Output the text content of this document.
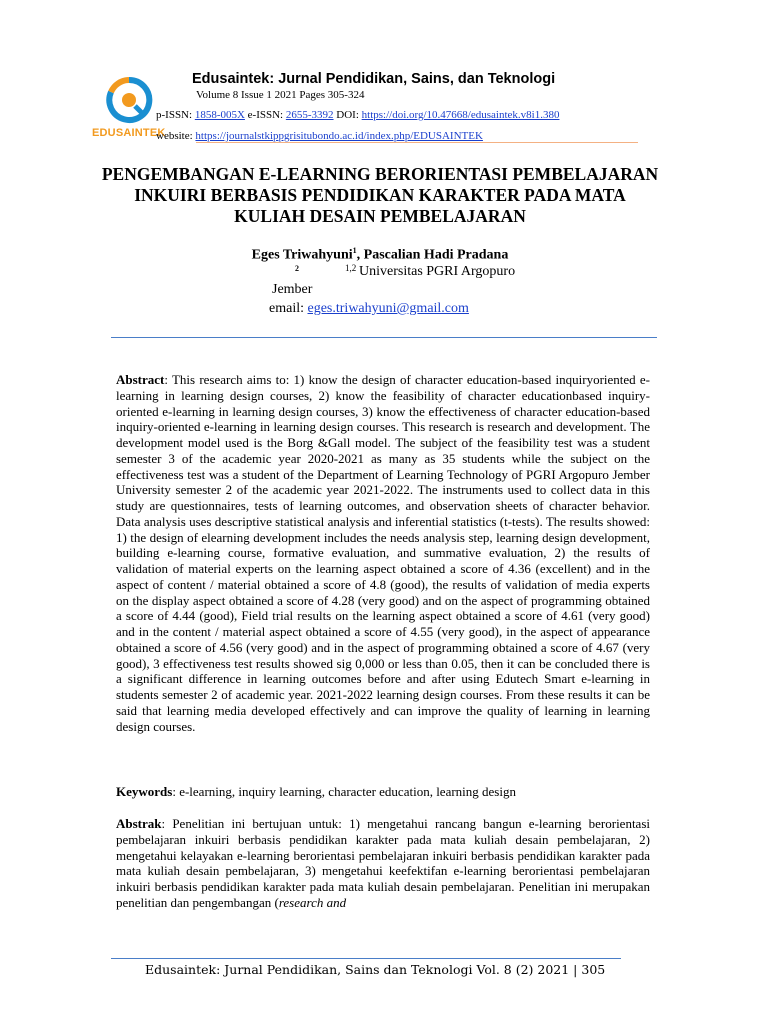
EDUSAINTEK
Edusaintek: Jurnal Pendidikan, Sains, dan Teknologi
Volume 8 Issue 1 2021 Pages 305-324
p-ISSN: 1858-005X e-ISSN: 2655-3392 DOI: https://doi.org/10.47668/edusaintek.v8i1.380
website: https://journalstkippgrisitubondo.ac.id/index.php/EDUSAINTEK
PENGEMBANGAN E-LEARNING BERORIENTASI PEMBELAJARAN INKUIRI BERBASIS PENDIDIKAN KARAKTER PADA MATA KULIAH DESAIN PEMBELAJARAN
Eges Triwahyuni$^1$, Pascalian Hadi Pradana
2	1,2 Universitas PGRI Argopuro
Jember
email: eges.triwahyuni@gmail.com
Abstract: This research aims to: 1) know the design of character education-based inquiryoriented e-learning in learning design courses, 2) know the feasibility of character educationbased inquiry-oriented e-learning in learning design courses, 3) know the effectiveness of character education-based inquiry-oriented e-learning in learning design courses. This research is research and development. The development model used is the Borg &Gall model. The subject of the feasibility test was a student semester 3 of the academic year 2020-2021 as many as 35 students while the subject on the effectiveness test was a student of the Department of Learning Technology of PGRI Argopuro Jember University semester 2 of the academic year 2021-2022. The instruments used to collect data in this study are questionnaires, tests of learning outcomes, and observation sheets of character behavior. Data analysis uses descriptive statistical analysis and inferential statistics (t-tests). The results showed: 1) the design of elearning development includes the needs analysis step, learning design development, building e-learning course, formative evaluation, and summative evaluation, 2) the results of validation of material experts on the learning aspect obtained a score of 4.36 (excellent) and in the aspect of content / material obtained a score of 4.8 (good), the results of validation of media experts on the display aspect obtained a score of 4.28 (very good) and on the aspect of programming obtained a score of 4.44 (good), Field trial results on the learning aspect obtained a score of 4.61 (very good) and in the content / material aspect obtained a score of 4.55 (very good), in the aspect of appearance obtained a score of 4.56 (very good) and in the aspect of programming obtained a score of 4.67 (very good), 3 effectiveness test results showed sig 0,000 or less than 0.05, then it can be concluded there is a significant difference in learning outcomes before and after using Edutech Smart e-learning in students semester 2 of academic year. 2021-2022 learning design courses. From these results it can be said that learning media developed effectively and can improve the quality of learning in learning design courses.
Keywords: e-learning, inquiry learning, character education, learning design
Abstrak: Penelitian ini bertujuan untuk: 1) mengetahui rancang bangun e-learning berorientasi pembelajaran inkuiri berbasis pendidikan karakter pada mata kuliah desain pembelajaran, 2) mengetahui kelayakan e-learning berorientasi pembelajaran inkuiri berbasis pendidikan karakter pada mata kuliah desain pembelajaran, 3) mengetahui keefektifan e-learning berorientasi pembelajaran inkuiri berbasis pendidikan karakter pada mata kuliah desain pembelajaran. Penelitian ini merupakan penelitian dan pengembangan (research and
Edusaintek: Jurnal Pendidikan, Sains dan Teknologi Vol. 8 (2) 2021 | 305
